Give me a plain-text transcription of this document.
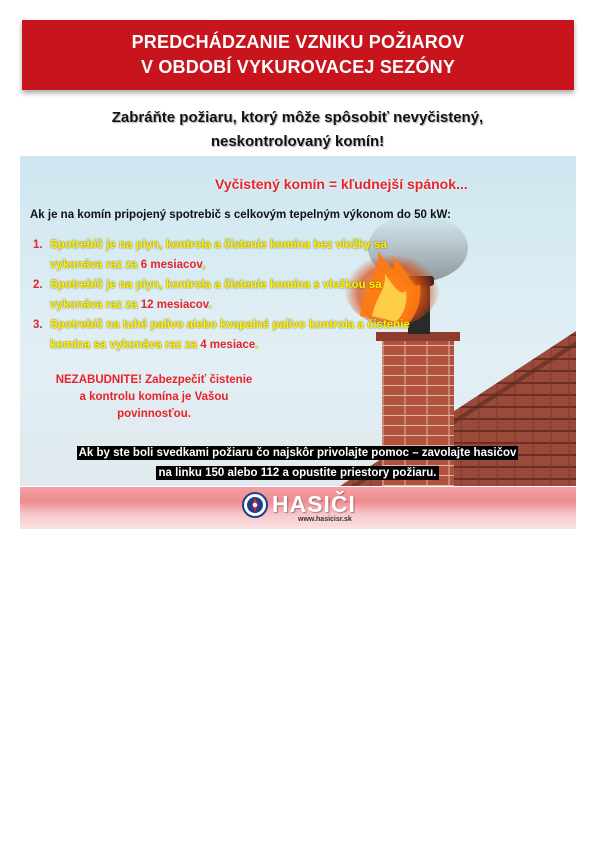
PREDCHÁDZANIE VZNIKU POŽIAROV
V OBDOBÍ VYKUROVACEJ SEZÓNY
Zabráňte požiaru, ktorý môže spôsobiť nevyčistený,
neskontrolovaný komín!
Vyčistený komín = kľudnejší spánok...
Ak je na komín pripojený spotrebič s celkovým tepelným výkonom do 50 kW:
1. Spotrebič je na plyn, kontrola a čistenie komína bez vložky sa
vykonáva raz za 6 mesiacov,
2. Spotrebič je na plyn, kontrola a čistenie komína s vložkou sa
vykonáva raz za 12 mesiacov.
3. Spotrebič na tuhé palivo alebo kvapalné palivo kontrola a čistenie
komína sa vykonáva raz za 4 mesiace.
NEZABUDNITE! Zabezpečiť čistenie
a kontrolu komína je Vašou
povinnosťou.
Ak by ste boli svedkami požiaru čo najskôr privolajte pomoc – zavolajte hasičov
na linku 150 alebo 112 a opustite priestory požiaru.
HASIČI
www.hasicisr.sk
